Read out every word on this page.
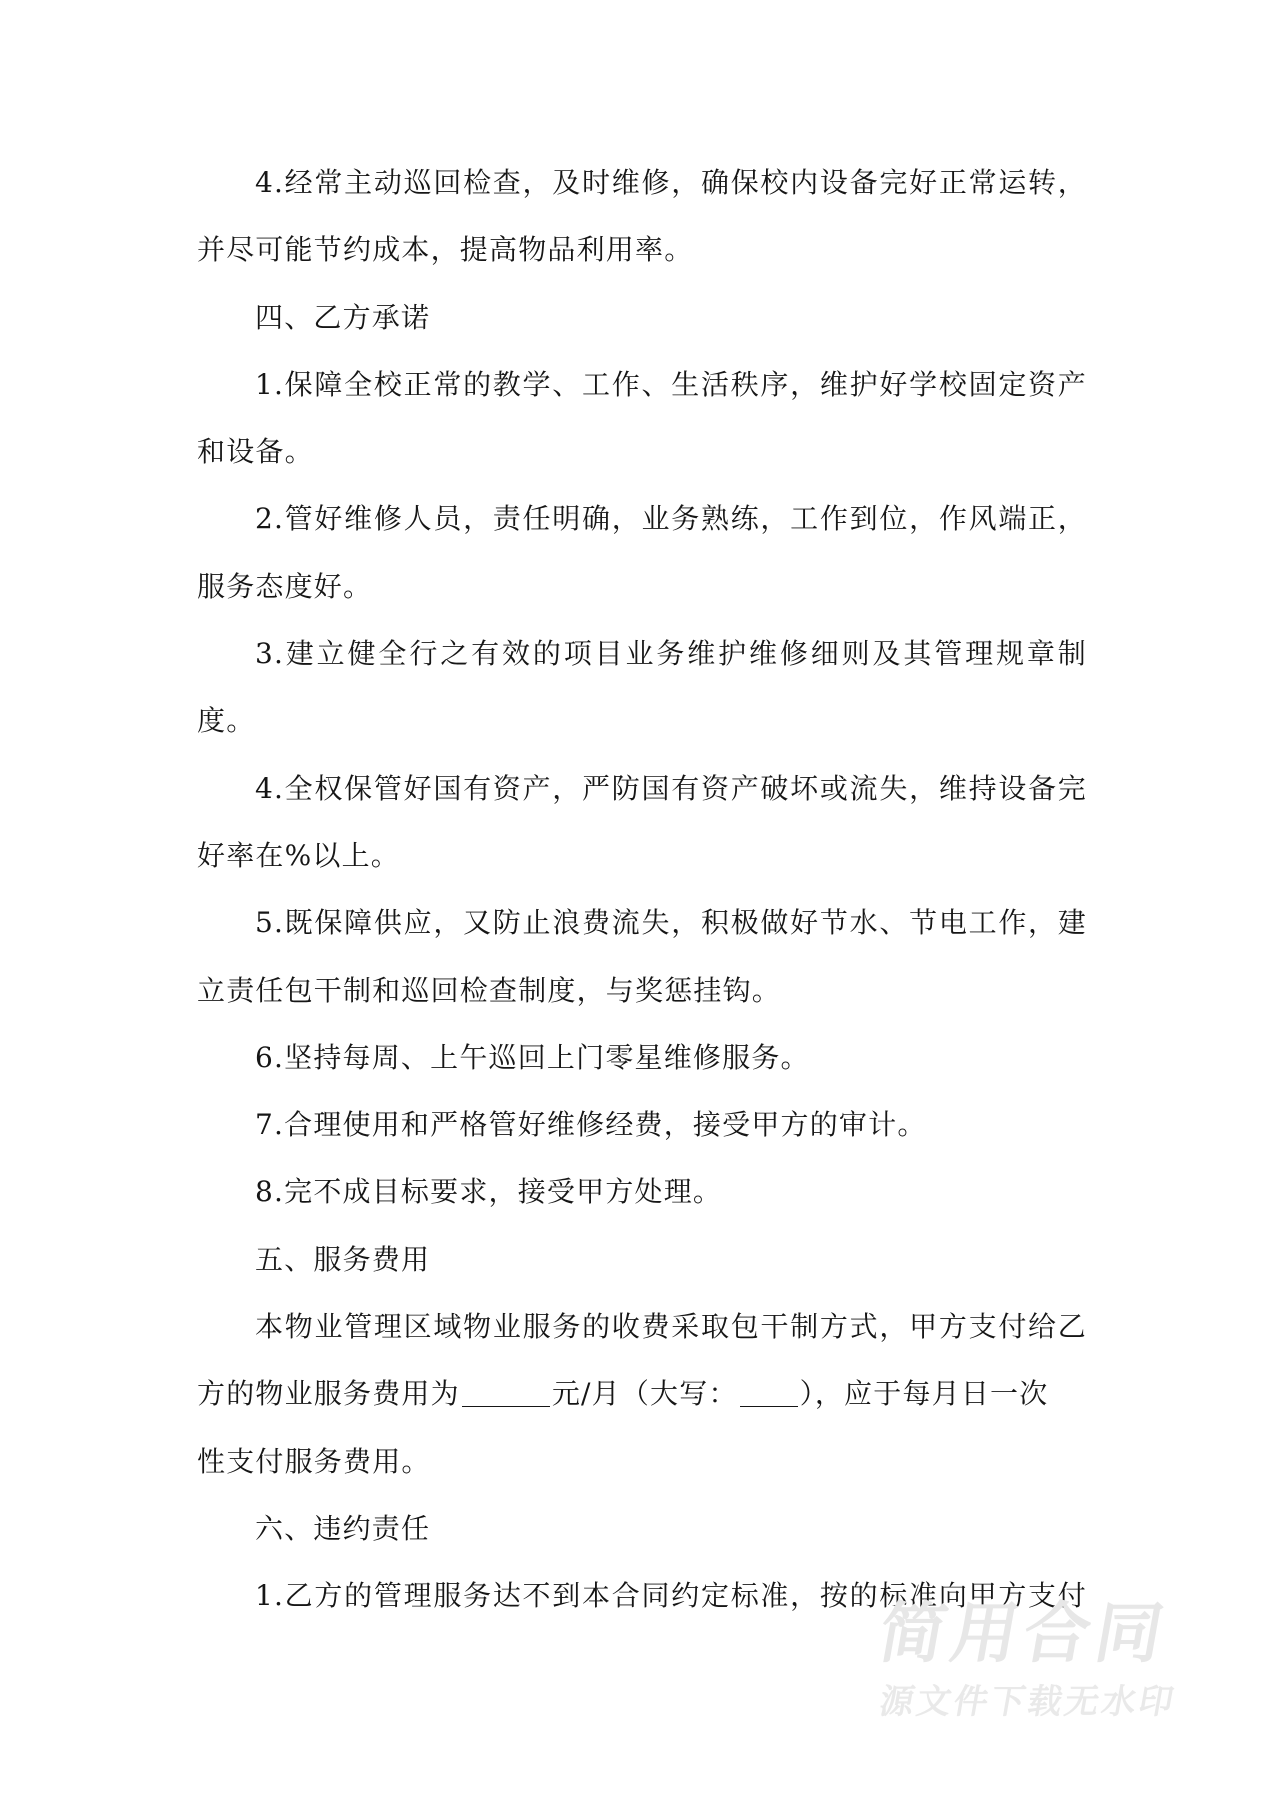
4.经常主动巡回检查，及时维修，确保校内设备完好正常运转，
并尽可能节约成本，提高物品利用率。
四、乙方承诺
1.保障全校正常的教学、工作、生活秩序，维护好学校固定资产
和设备。
2.管好维修人员，责任明确，业务熟练，工作到位，作风端正，
服务态度好。
3.建立健全行之有效的项目业务维护维修细则及其管理规章制
度。
4.全权保管好国有资产，严防国有资产破坏或流失，维持设备完
好率在%以上。
5.既保障供应，又防止浪费流失，积极做好节水、节电工作，建
立责任包干制和巡回检查制度，与奖惩挂钩。
6.坚持每周、上午巡回上门零星维修服务。
7.合理使用和严格管好维修经费，接受甲方的审计。
8.完不成目标要求，接受甲方处理。
五、服务费用
本物业管理区域物业服务的收费采取包干制方式，甲方支付给乙
方的物业服务费用为	元/月（大写： ），应于每月日一次
性支付服务费用。
六、违约责任
1.乙方的管理服务达不到本合同约定标准，按的标准向甲方支付
简用合同
源文件下载无水印
